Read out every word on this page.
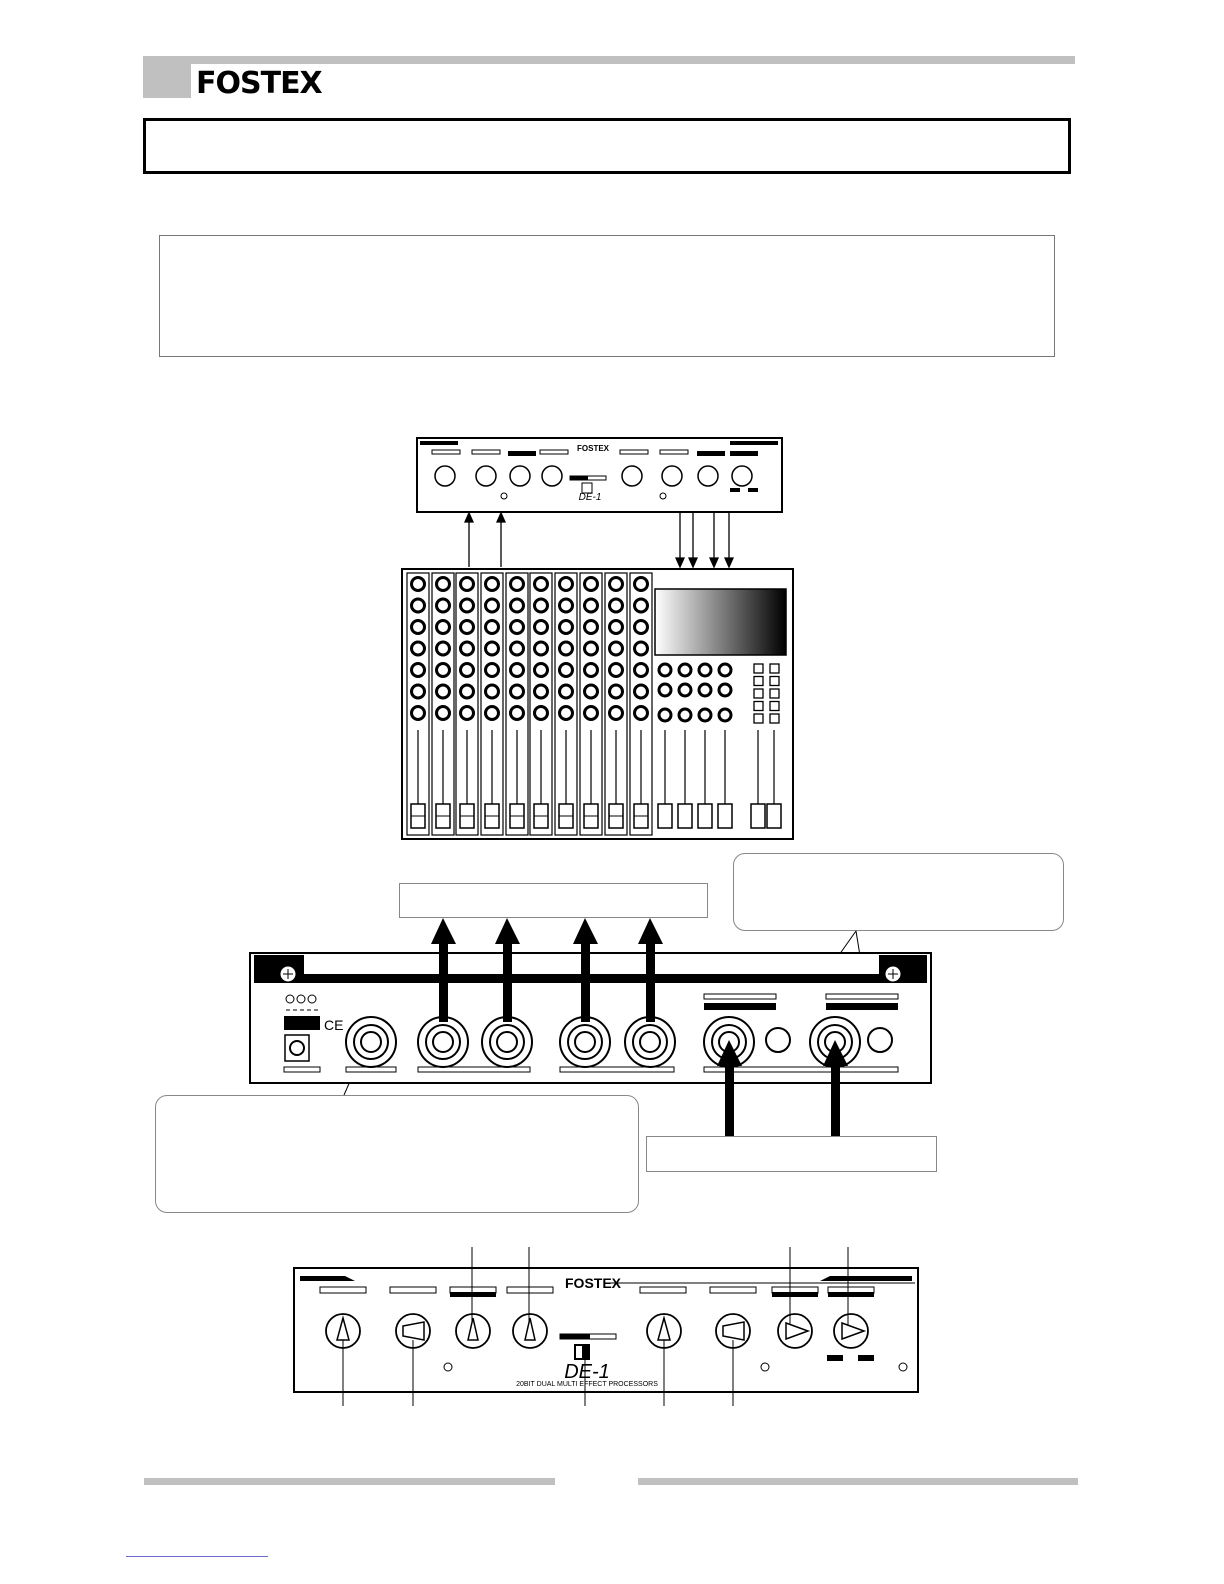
FOSTEX
FOSTEX
DE-1
CE
FOSTEX
DE-1
20BIT DUAL MULTI EFFECT PROCESSORS
